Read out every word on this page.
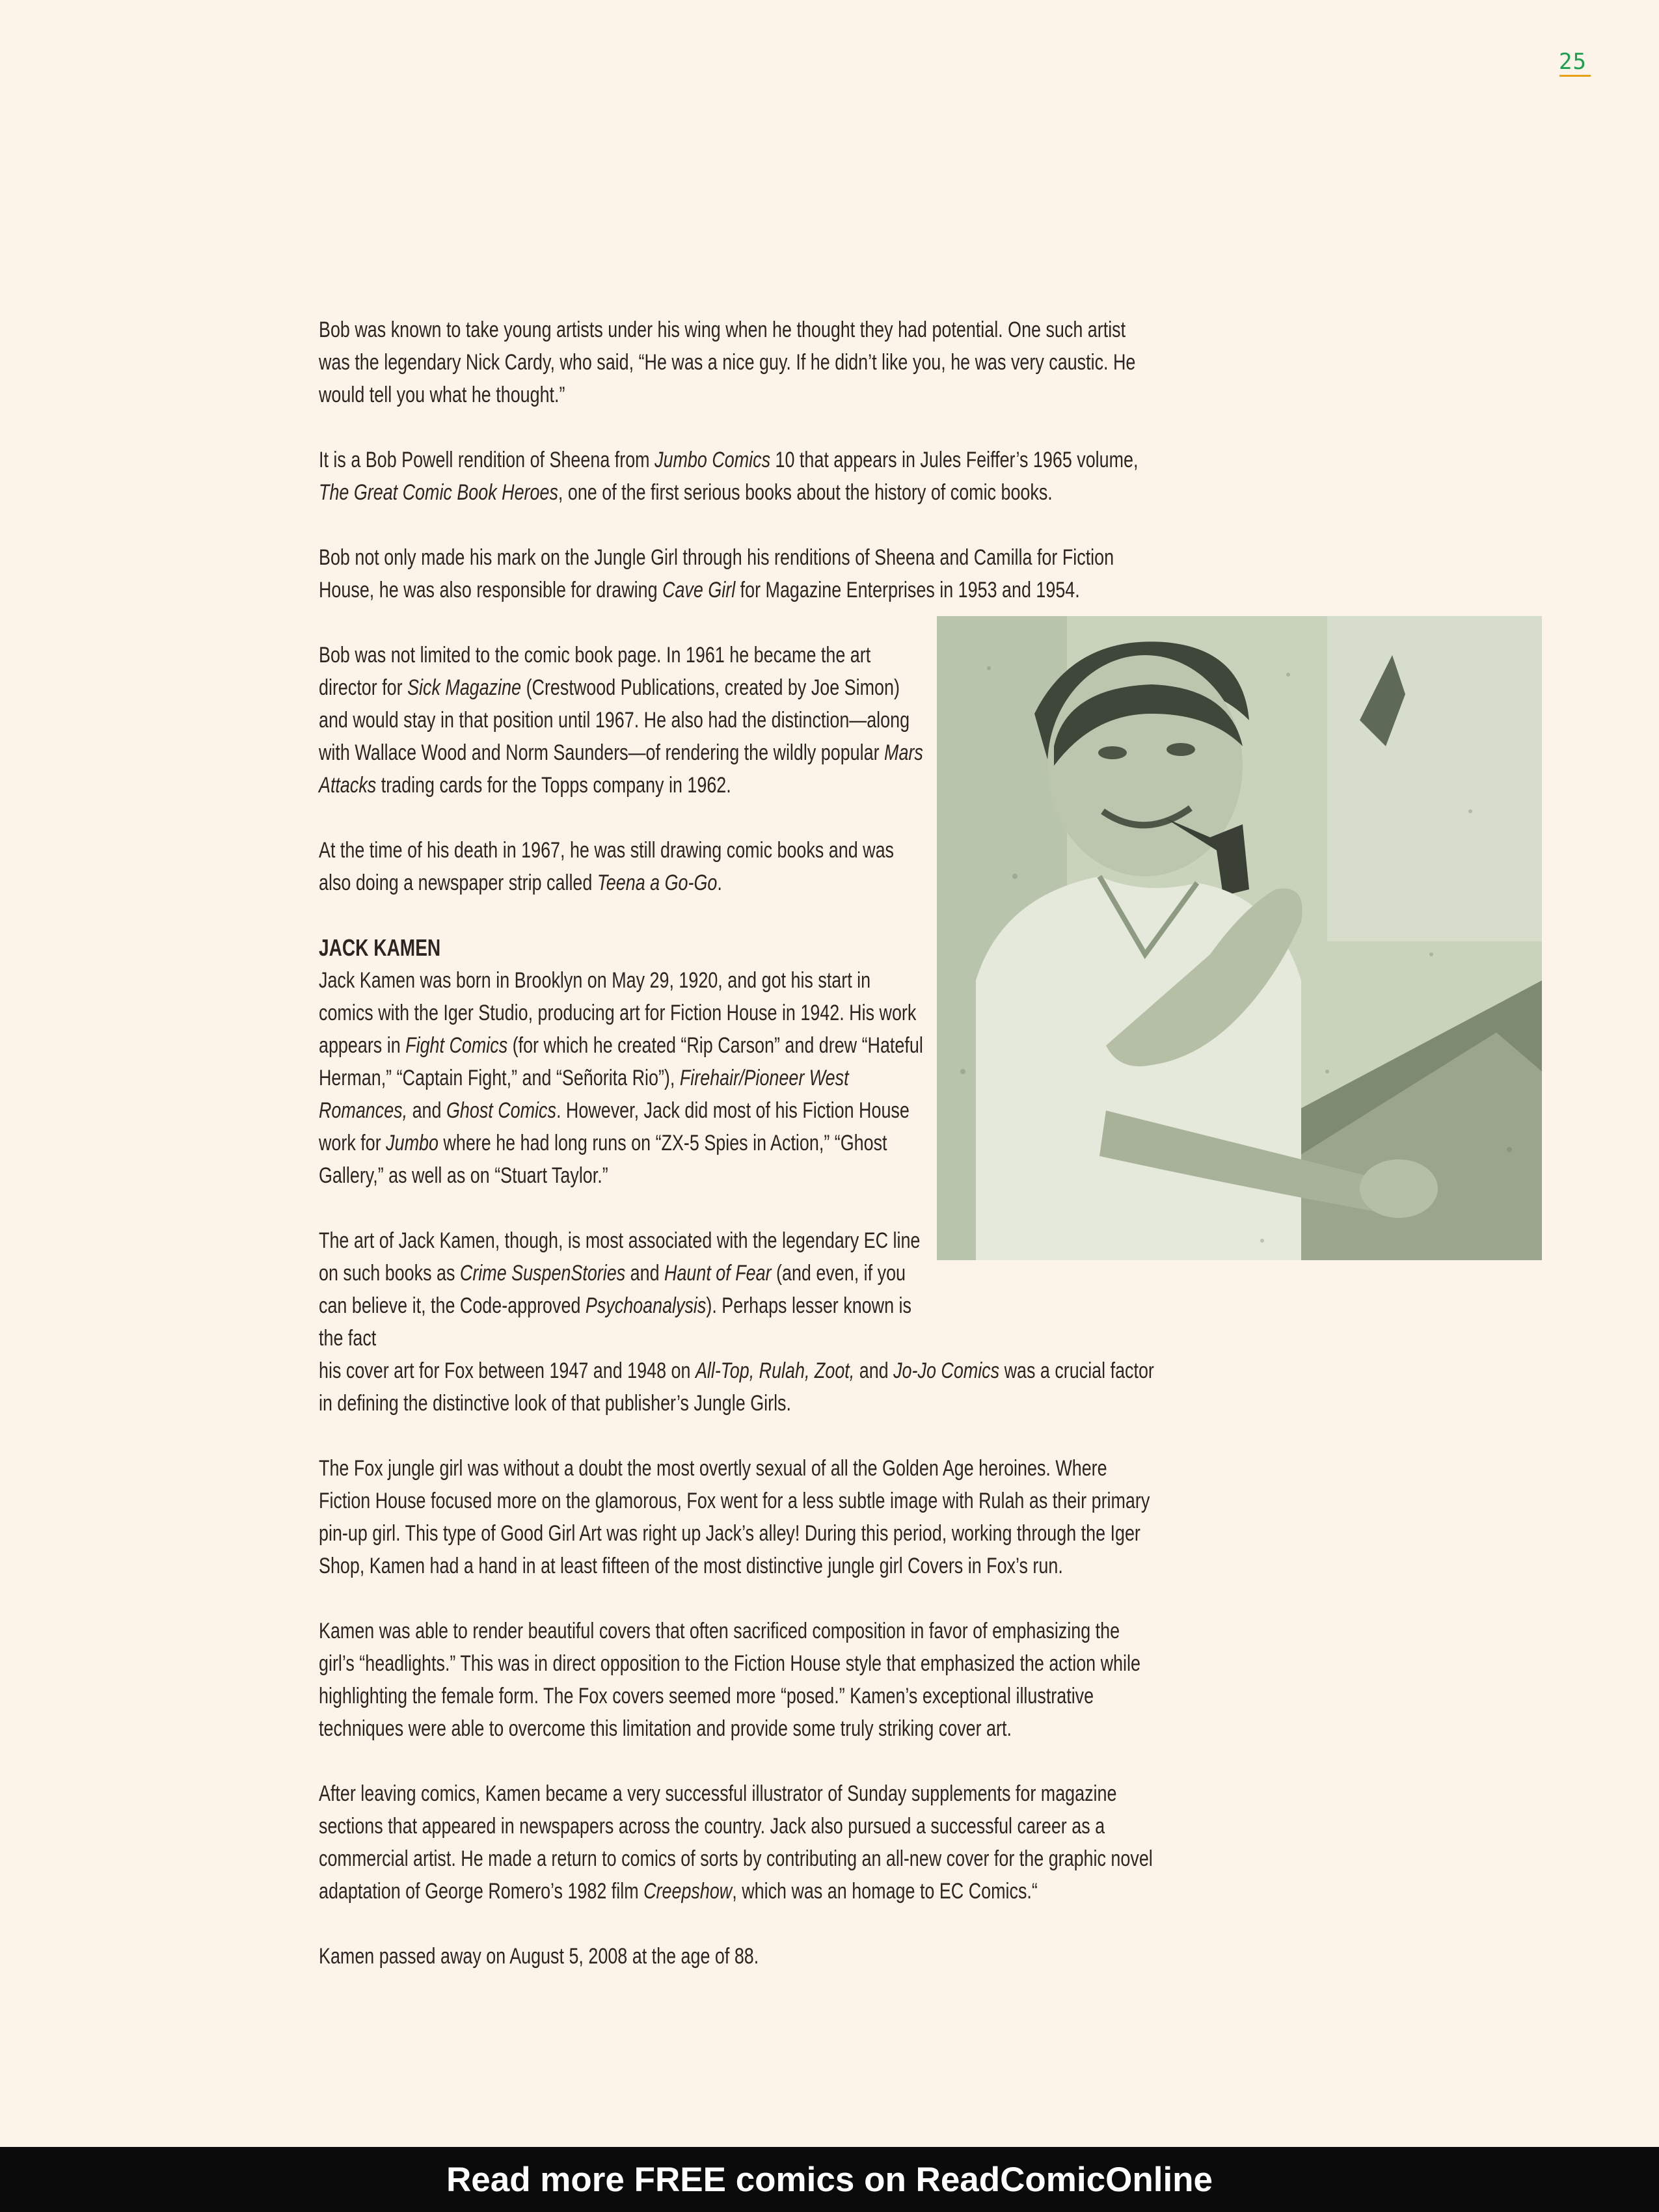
25

Bob was known to take young artists under his wing when he thought they had potential. One such artist was the legendary Nick Cardy, who said, “He was a nice guy. If he didn’t like you, he was very caustic. He would tell you what he thought.”

It is a Bob Powell rendition of Sheena from Jumbo Comics 10 that appears in Jules Feiffer’s 1965 volume, The Great Comic Book Heroes, one of the first serious books about the history of comic books.

Bob not only made his mark on the Jungle Girl through his renditions of Sheena and Camilla for Fiction House, he was also responsible for drawing Cave Girl for Magazine Enterprises in 1953 and 1954.

Bob was not limited to the comic book page. In 1961 he became the art director for Sick Magazine (Crestwood Publications, created by Joe Simon) and would stay in that position until 1967. He also had the distinction—along with Wallace Wood and Norm Saunders—of rendering the wildly popular Mars Attacks trading cards for the Topps company in 1962.

At the time of his death in 1967, he was still drawing comic books and was also doing a newspaper strip called Teena a Go-Go.

JACK KAMEN

Jack Kamen was born in Brooklyn on May 29, 1920, and got his start in comics with the Iger Studio, producing art for Fiction House in 1942. His work appears in Fight Comics (for which he created “Rip Carson” and drew “Hateful Herman,” “Captain Fight,” and “Señorita Rio”), Firehair/Pioneer West Romances, and Ghost Comics. However, Jack did most of his Fiction House work for Jumbo where he had long runs on “ZX-5 Spies in Action,” “Ghost Gallery,” as well as on “Stuart Taylor.”

The art of Jack Kamen, though, is most associated with the legendary EC line on such books as Crime SuspenStories and Haunt of Fear (and even, if you can believe it, the Code-approved Psychoanalysis). Perhaps lesser known is the fact
his cover art for Fox between 1947 and 1948 on All-Top, Rulah, Zoot, and Jo-Jo Comics was a crucial factor in defining the distinctive look of that publisher’s Jungle Girls.

The Fox jungle girl was without a doubt the most overtly sexual of all the Golden Age heroines. Where Fiction House focused more on the glamorous, Fox went for a less subtle image with Rulah as their primary pin-up girl. This type of Good Girl Art was right up Jack’s alley! During this period, working through the Iger Shop, Kamen had a hand in at least fifteen of the most distinctive jungle girl Covers in Fox’s run.

Kamen was able to render beautiful covers that often sacrificed composition in favor of emphasizing the girl’s “headlights.” This was in direct opposition to the Fiction House style that emphasized the action while highlighting the female form. The Fox covers seemed more “posed.” Kamen’s exceptional illustrative techniques were able to overcome this limitation and provide some truly striking cover art.

After leaving comics, Kamen became a very successful illustrator of Sunday supplements for magazine sections that appeared in newspapers across the country. Jack also pursued a successful career as a commercial artist. He made a return to comics of sorts by contributing an all-new cover for the graphic novel adaptation of George Romero’s 1982 film Creepshow, which was an homage to EC Comics.“

Kamen passed away on August 5, 2008 at the age of 88.

Read more FREE comics on ReadComicOnline
